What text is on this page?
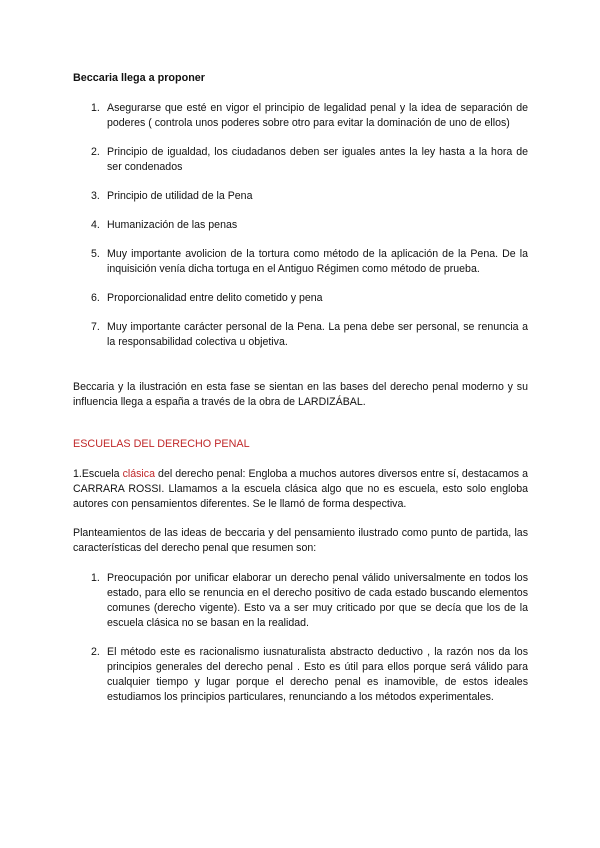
Beccaria llega a proponer
1. Asegurarse que esté en vigor el principio de legalidad penal y la idea de separación de poderes ( controla unos poderes sobre otro para evitar la dominación de uno de ellos)
2. Principio de igualdad, los ciudadanos deben ser iguales antes la ley hasta a la hora de ser condenados
3. Principio de utilidad de la Pena
4. Humanización de las penas
5. Muy importante avolicion de la tortura como método de la aplicación de la Pena. De la inquisición venía dicha tortuga en el Antiguo Régimen como método de prueba.
6. Proporcionalidad entre delito cometido y pena
7. Muy importante carácter personal de la Pena. La pena debe ser personal, se renuncia a la responsabilidad colectiva u objetiva.

Beccaria y la ilustración en esta fase se sientan en las bases del derecho penal moderno y su influencia llega a españa a través de la obra de LARDIZÁBAL.

ESCUELAS DEL DERECHO PENAL

1.Escuela clásica del derecho penal: Engloba a muchos autores diversos entre sí, destacamos a CARRARA ROSSI. Llamamos a la escuela clásica algo que no es escuela, esto solo engloba autores con pensamientos diferentes. Se le llamó de forma despectiva.

Planteamientos de las ideas de beccaria y del pensamiento ilustrado como punto de partida, las características del derecho penal que resumen son:

1. Preocupación por unificar elaborar un derecho penal válido universalmente en todos los estado, para ello se renuncia en el derecho positivo de cada estado buscando elementos comunes (derecho vigente). Esto va a ser muy criticado por que se decía que los de la escuela clásica no se basan en la realidad.
2. El método este es racionalismo iusnaturalista abstracto deductivo , la razón nos da los principios generales del derecho penal . Esto es útil para ellos porque será válido para cualquier tiempo y lugar porque el derecho penal es inamovible, de estos ideales estudiamos los principios particulares, renunciando a los métodos experimentales.
